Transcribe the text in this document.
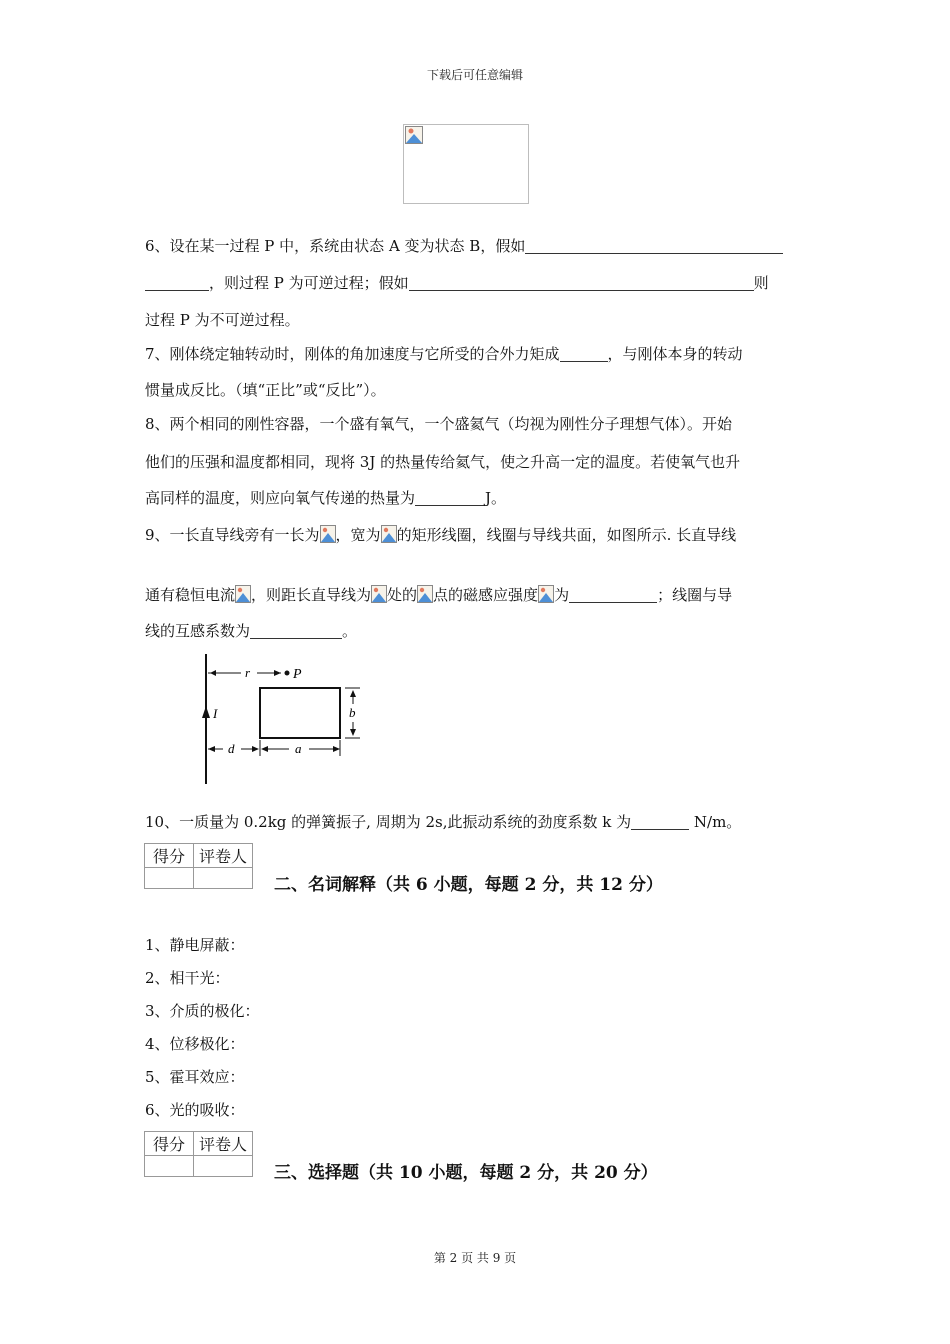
下载后可任意编辑
6、设在某一过程 P 中，系统由状态 A 变为状态 B，假如
，则过程 P 为可逆过程；假如	则
过程 P 为不可逆过程。
7、刚体绕定轴转动时，刚体的角加速度与它所受的合外力矩成	，与刚体本身的转动
惯量成反比。（填“正比”或“反比”）。
8、两个相同的刚性容器，一个盛有氧气，一个盛氦气（均视为刚性分子理想气体）。开始
他们的压强和温度都相同，现将 3J 的热量传给氦气，使之升高一定的温度。若使氧气也升
高同样的温度，则应向氧气传递的热量为	J。
9、一长直导线旁有一长为 ，宽为 的矩形线圈，线圈与导线共面，如图所示. 长直导线
通有稳恒电流 ，则距长直导线为 处的 点的磁感应强度 为	；线圈与导
线的互感系数为	。
r	P
I	b
d	a
10、一质量为 0.2kg 的弹簧振子, 周期为 2s,此振动系统的劲度系数 k 为	N/m。
得分	评卷人

二、名词解释（共 6 小题，每题 2 分，共 12 分）
1、静电屏蔽：
2、相干光：
3、介质的极化：
4、位移极化：
5、霍耳效应：
6、光的吸收：
得分	评卷人

三、选择题（共 10 小题，每题 2 分，共 20 分）
第 2 页 共 9 页
